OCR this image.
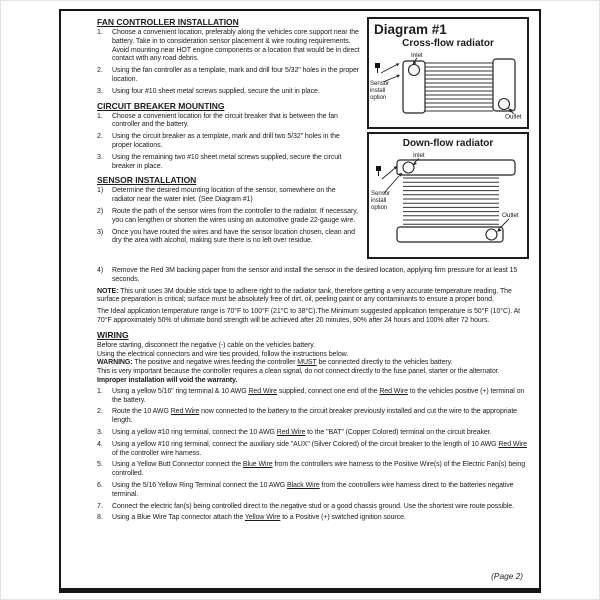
Diagram #1
Cross-flow radiator
Inlet
Outlet
Sensor
install
option
Down-flow radiator
Inlet
Outlet
Sensor
install
option
FAN CONTROLLER INSTALLATION
1.	Choose a convenient location, preferably along the vehicles core support near the battery. Take in to consideration sensor placement & wire routing requirements. Avoid mounting near HOT engine components or a location that would be in direct contact with any road debris.
2.	Using the fan controller as a template, mark and drill four 5/32" holes in the proper location.
3.	Using four #10 sheet metal screws supplied, secure the unit in place.
CIRCUIT BREAKER MOUNTING
1.	Choose a convenient location for the circuit breaker that is between the fan controller and the battery.
2.	Using the circuit breaker as a template, mark and drill two 5/32" holes in the proper locations.
3.	Using the remaining two #10 sheet metal screws supplied, secure the circuit breaker in place.
SENSOR INSTALLATION
1)	Determine the desired mounting location of the sensor, somewhere on the radiator near the water inlet. (See Diagram #1)
2)	Route the path of the sensor wires from the controller to the radiator. If necessary, you can lengthen or shorten the wires using an automotive grade 22-gauge wire.
3)	Once you have routed the wires and have the sensor location chosen, clean and dry the area with alcohol, making sure there is no left over residue.
4)	Remove the Red 3M backing paper from the sensor and install the sensor in the desired location, applying firm pressure for at least 15 seconds.
NOTE: This unit uses 3M double stick tape to adhere right to the radiator tank, therefore getting a very accurate temperature reading. The surface preparation is critical; surface must be absolutely free of dirt, oil, peeling paint or any contaminants to ensure a proper bond.
The Ideal application temperature range is 70°F to 100°F (21°C to 38°C).The Minimum suggested application temperature is 50°F (10°C). At 70°F approximately 50% of ultimate bond strength will be achieved after 20 minutes, 90% after 24 hours and 100% after 72 hours.
WIRING
Before starting, disconnect the negative (-) cable on the vehicles battery.
Using the electrical connectors and wire ties provided, follow the instructions below.
WARNING: The positive and negative wires feeding the controller MUST be connected directly to the vehicles battery.
This is very important because the controller requires a clean signal, do not connect directly to the fuse panel, starter or the alternator. Improper installation will void the warranty.
1.	Using a yellow 5/16" ring terminal & 10 AWG Red Wire supplied, connect one end of the Red Wire to the vehicles positive (+) terminal on the battery.
2.	Route the 10 AWG Red Wire now connected to the battery to the circuit breaker previously installed and cut the wire to the appropriate length.
3.	Using a yellow #10 ring terminal, connect the 10 AWG Red Wire to the "BAT" (Copper Colored) terminal on the circuit breaker.
4.	Using a yellow #10 ring terminal, connect the auxiliary side "AUX" (Silver Colored) of the circuit breaker to the length of 10 AWG Red Wire of the controller wire harness.
5.	Using a Yellow Butt Connector connect the Blue Wire from the controllers wire harness to the Positive Wire(s) of the Electric Fan(s) being controlled.
6.	Using the 5/16 Yellow Ring Terminal connect the 10 AWG Black Wire from the controllers wire harness direct to the batteries negative terminal.
7.	Connect the electric fan(s) being controlled direct to the negative stud or a good chassis ground. Use the shortest wire route possible.
8.	Using a Blue Wire Tap connector attach the Yellow Wire to a Positive (+) switched ignition source.
(Page 2)
